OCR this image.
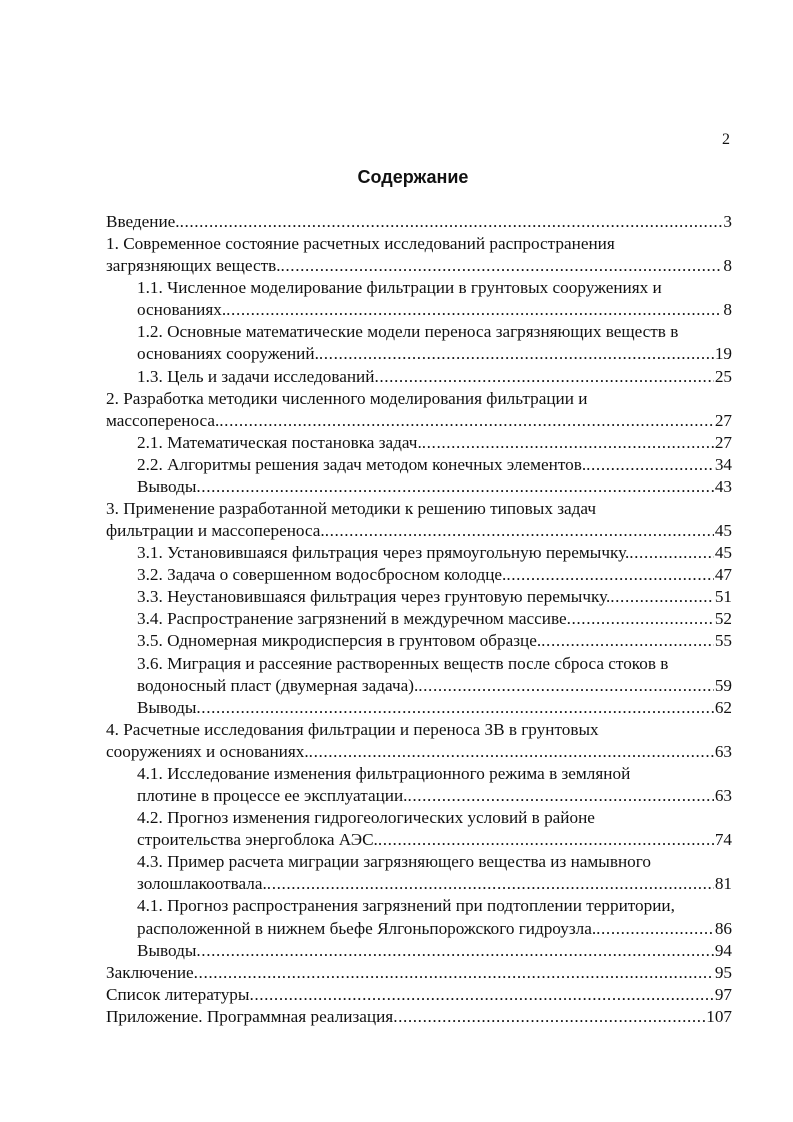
2
Содержание
Введение. .....	3
1. Современное состояние расчетных исследований распространения
загрязняющих веществ. .....	8
1.1. Численное моделирование фильтрации в грунтовых сооружениях и
основаниях. .....	8
1.2. Основные математические модели переноса загрязняющих веществ в
основаниях сооружений. .....	19
1.3. Цель и задачи исследований .....	25
2. Разработка методики численного моделирования фильтрации и
массопереноса. .....	27
2.1. Математическая постановка задач. .....	27
2.2. Алгоритмы решения задач методом конечных элементов. .....	34
Выводы .....	43
3. Применение разработанной методики к решению типовых задач
фильтрации и массопереноса. .....	45
3.1. Установившаяся фильтрация через прямоугольную перемычку. .....	45
3.2. Задача о совершенном водосбросном колодце. .....	47
3.3. Неустановившаяся фильтрация через грунтовую перемычку. .....	51
3.4. Распространение загрязнений в междуречном массиве .....	52
3.5. Одномерная микродисперсия в грунтовом образце. .....	55
3.6. Миграция и рассеяние растворенных веществ после сброса стоков в
водоносный пласт (двумерная задача). .....	59
Выводы .....	62
4. Расчетные исследования фильтрации и переноса ЗВ в грунтовых
сооружениях и основаниях. .....	63
4.1. Исследование изменения фильтрационного режима в земляной
плотине в процессе ее эксплуатации. .....	63
4.2. Прогноз изменения гидрогеологических условий в районе
строительства энергоблока АЭС. .....	74
4.3. Пример расчета миграции загрязняющего вещества из намывного
золошлакоотвала. .....	81
4.1. Прогноз распространения загрязнений при подтоплении территории,
расположенной в нижнем бьефе Ялгоньпорожского гидроузла. .....	86
Выводы .....	94
Заключение .....	95
Список литературы .....	97
Приложение. Программная реализация .....	107
